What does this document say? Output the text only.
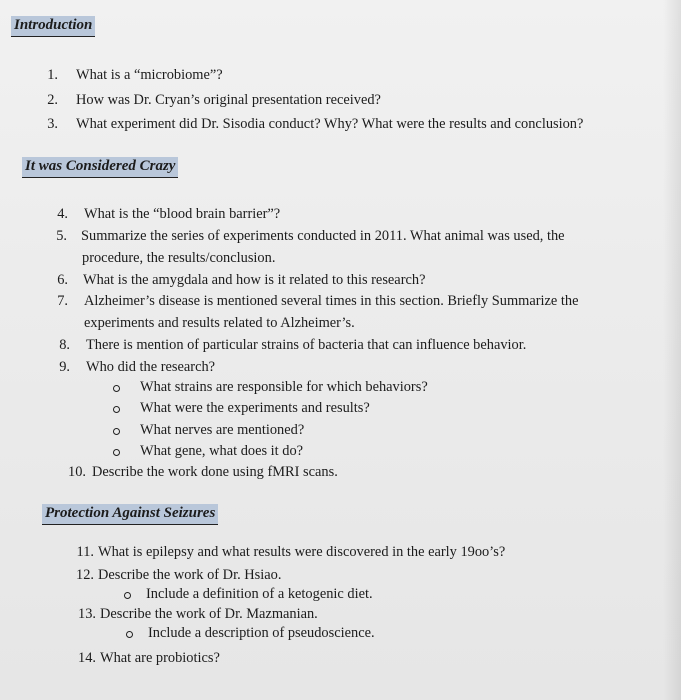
Introduction
1. What is a “microbiome”?
2. How was Dr. Cryan’s original presentation received?
3. What experiment did Dr. Sisodia conduct? Why? What were the results and conclusion?
It was Considered Crazy
4. What is the “blood brain barrier”?
5. Summarize the series of experiments conducted in 2011. What animal was used, the
procedure, the results/conclusion.
6. What is the amygdala and how is it related to this research?
7. Alzheimer’s disease is mentioned several times in this section. Briefly Summarize the
experiments and results related to Alzheimer’s.
8. There is mention of particular strains of bacteria that can influence behavior.
9. Who did the research?
What strains are responsible for which behaviors?
What were the experiments and results?
What nerves are mentioned?
What gene, what does it do?
10. Describe the work done using fMRI scans.
Protection Against Seizures
11. What is epilepsy and what results were discovered in the early 19oo’s?
12. Describe the work of Dr. Hsiao.
Include a definition of a ketogenic diet.
13. Describe the work of Dr. Mazmanian.
Include a description of pseudoscience.
14. What are probiotics?
